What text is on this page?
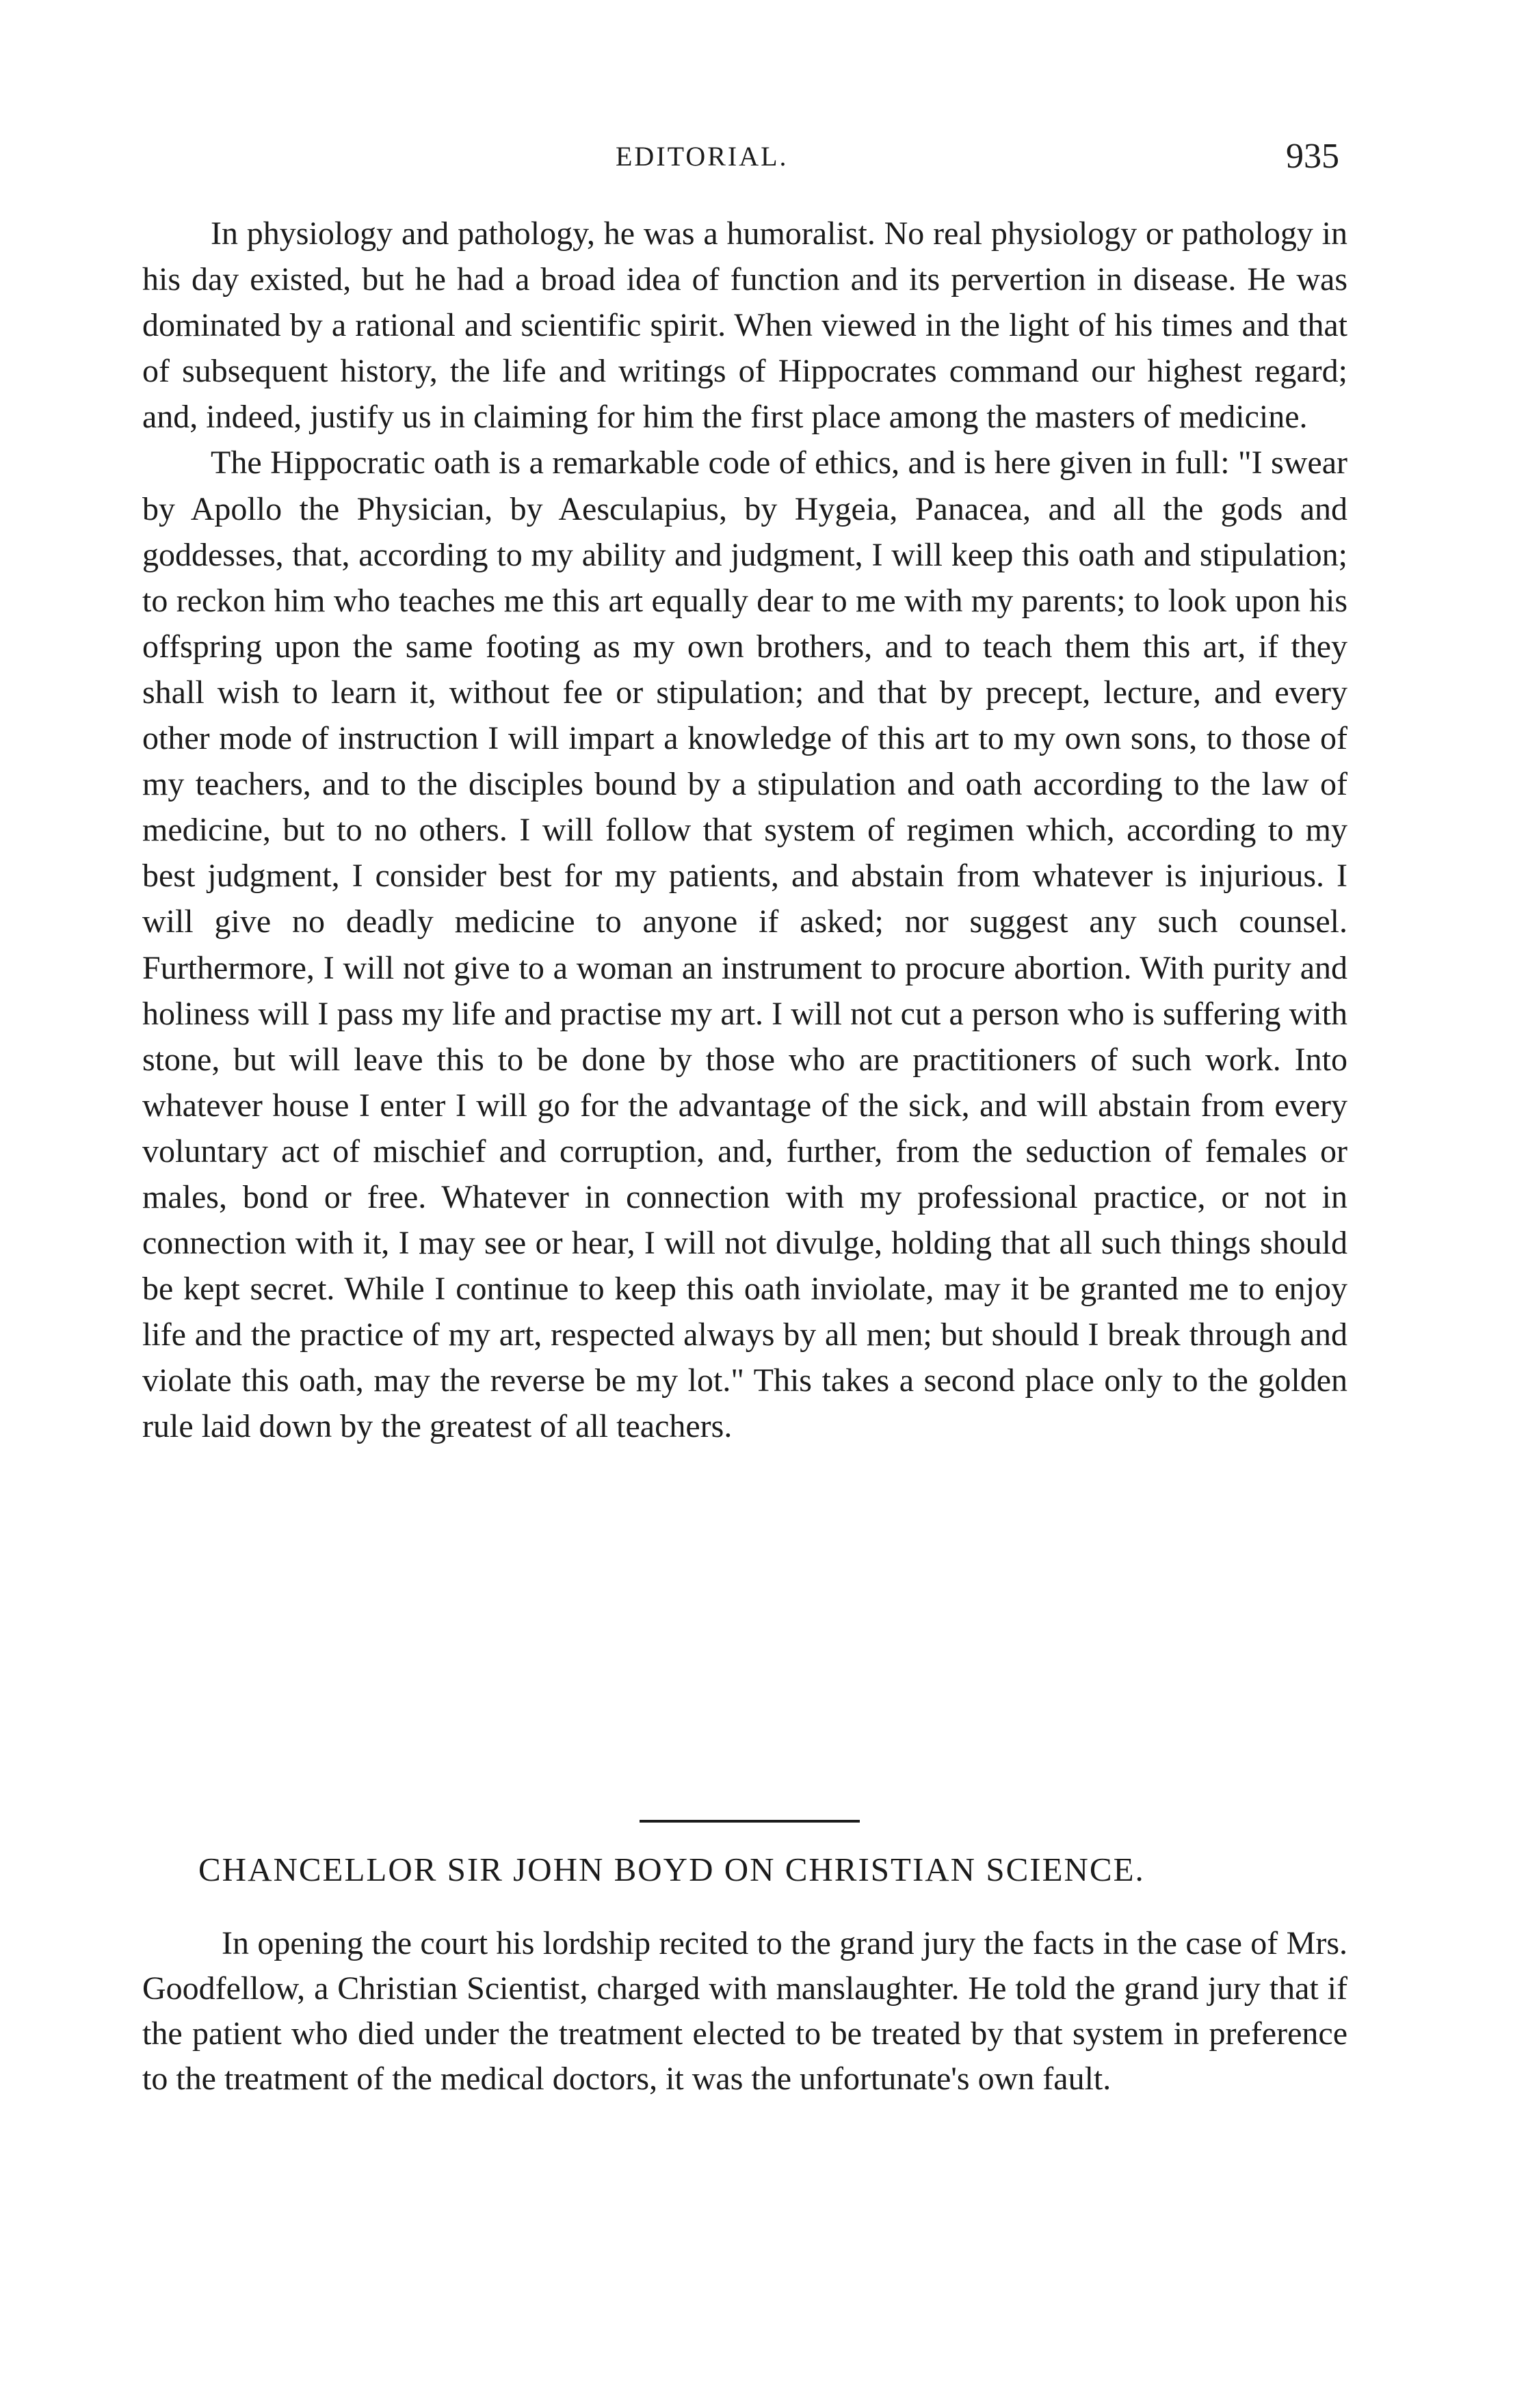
EDITORIAL.	935

In physiology and pathology, he was a humoralist. No real physiology or pathology in his day existed, but he had a broad idea of function and its pervertion in disease. He was dominated by a rational and scientific spirit. When viewed in the light of his times and that of subsequent history, the life and writings of Hippocrates command our highest regard; and, indeed, justify us in claiming for him the first place among the masters of medicine.

The Hippocratic oath is a remarkable code of ethics, and is here given in full: "I swear by Apollo the Physician, by Aesculapius, by Hygeia, Panacea, and all the gods and goddesses, that, according to my ability and judgment, I will keep this oath and stipulation; to reckon him who teaches me this art equally dear to me with my parents; to look upon his offspring upon the same footing as my own brothers, and to teach them this art, if they shall wish to learn it, without fee or stipulation; and that by precept, lecture, and every other mode of instruction I will impart a knowledge of this art to my own sons, to those of my teachers, and to the disciples bound by a stipulation and oath according to the law of medicine, but to no others. I will follow that system of regimen which, according to my best judgment, I consider best for my patients, and abstain from whatever is injurious. I will give no deadly medicine to anyone if asked; nor suggest any such counsel. Furthermore, I will not give to a woman an instrument to procure abortion. With purity and holiness will I pass my life and practise my art. I will not cut a person who is suffering with stone, but will leave this to be done by those who are practitioners of such work. Into whatever house I enter I will go for the advantage of the sick, and will abstain from every voluntary act of mischief and corruption, and, further, from the seduction of females or males, bond or free. Whatever in connection with my professional practice, or not in connection with it, I may see or hear, I will not divulge, holding that all such things should be kept secret. While I continue to keep this oath inviolate, may it be granted me to enjoy life and the practice of my art, respected always by all men; but should I break through and violate this oath, may the reverse be my lot." This takes a second place only to the golden rule laid down by the greatest of all teachers.

CHANCELLOR SIR JOHN BOYD ON CHRISTIAN SCIENCE.

In opening the court his lordship recited to the grand jury the facts in the case of Mrs. Goodfellow, a Christian Scientist, charged with manslaughter. He told the grand jury that if the patient who died under the treatment elected to be treated by that system in preference to the treatment of the medical doctors, it was the unfortunate's own fault.
